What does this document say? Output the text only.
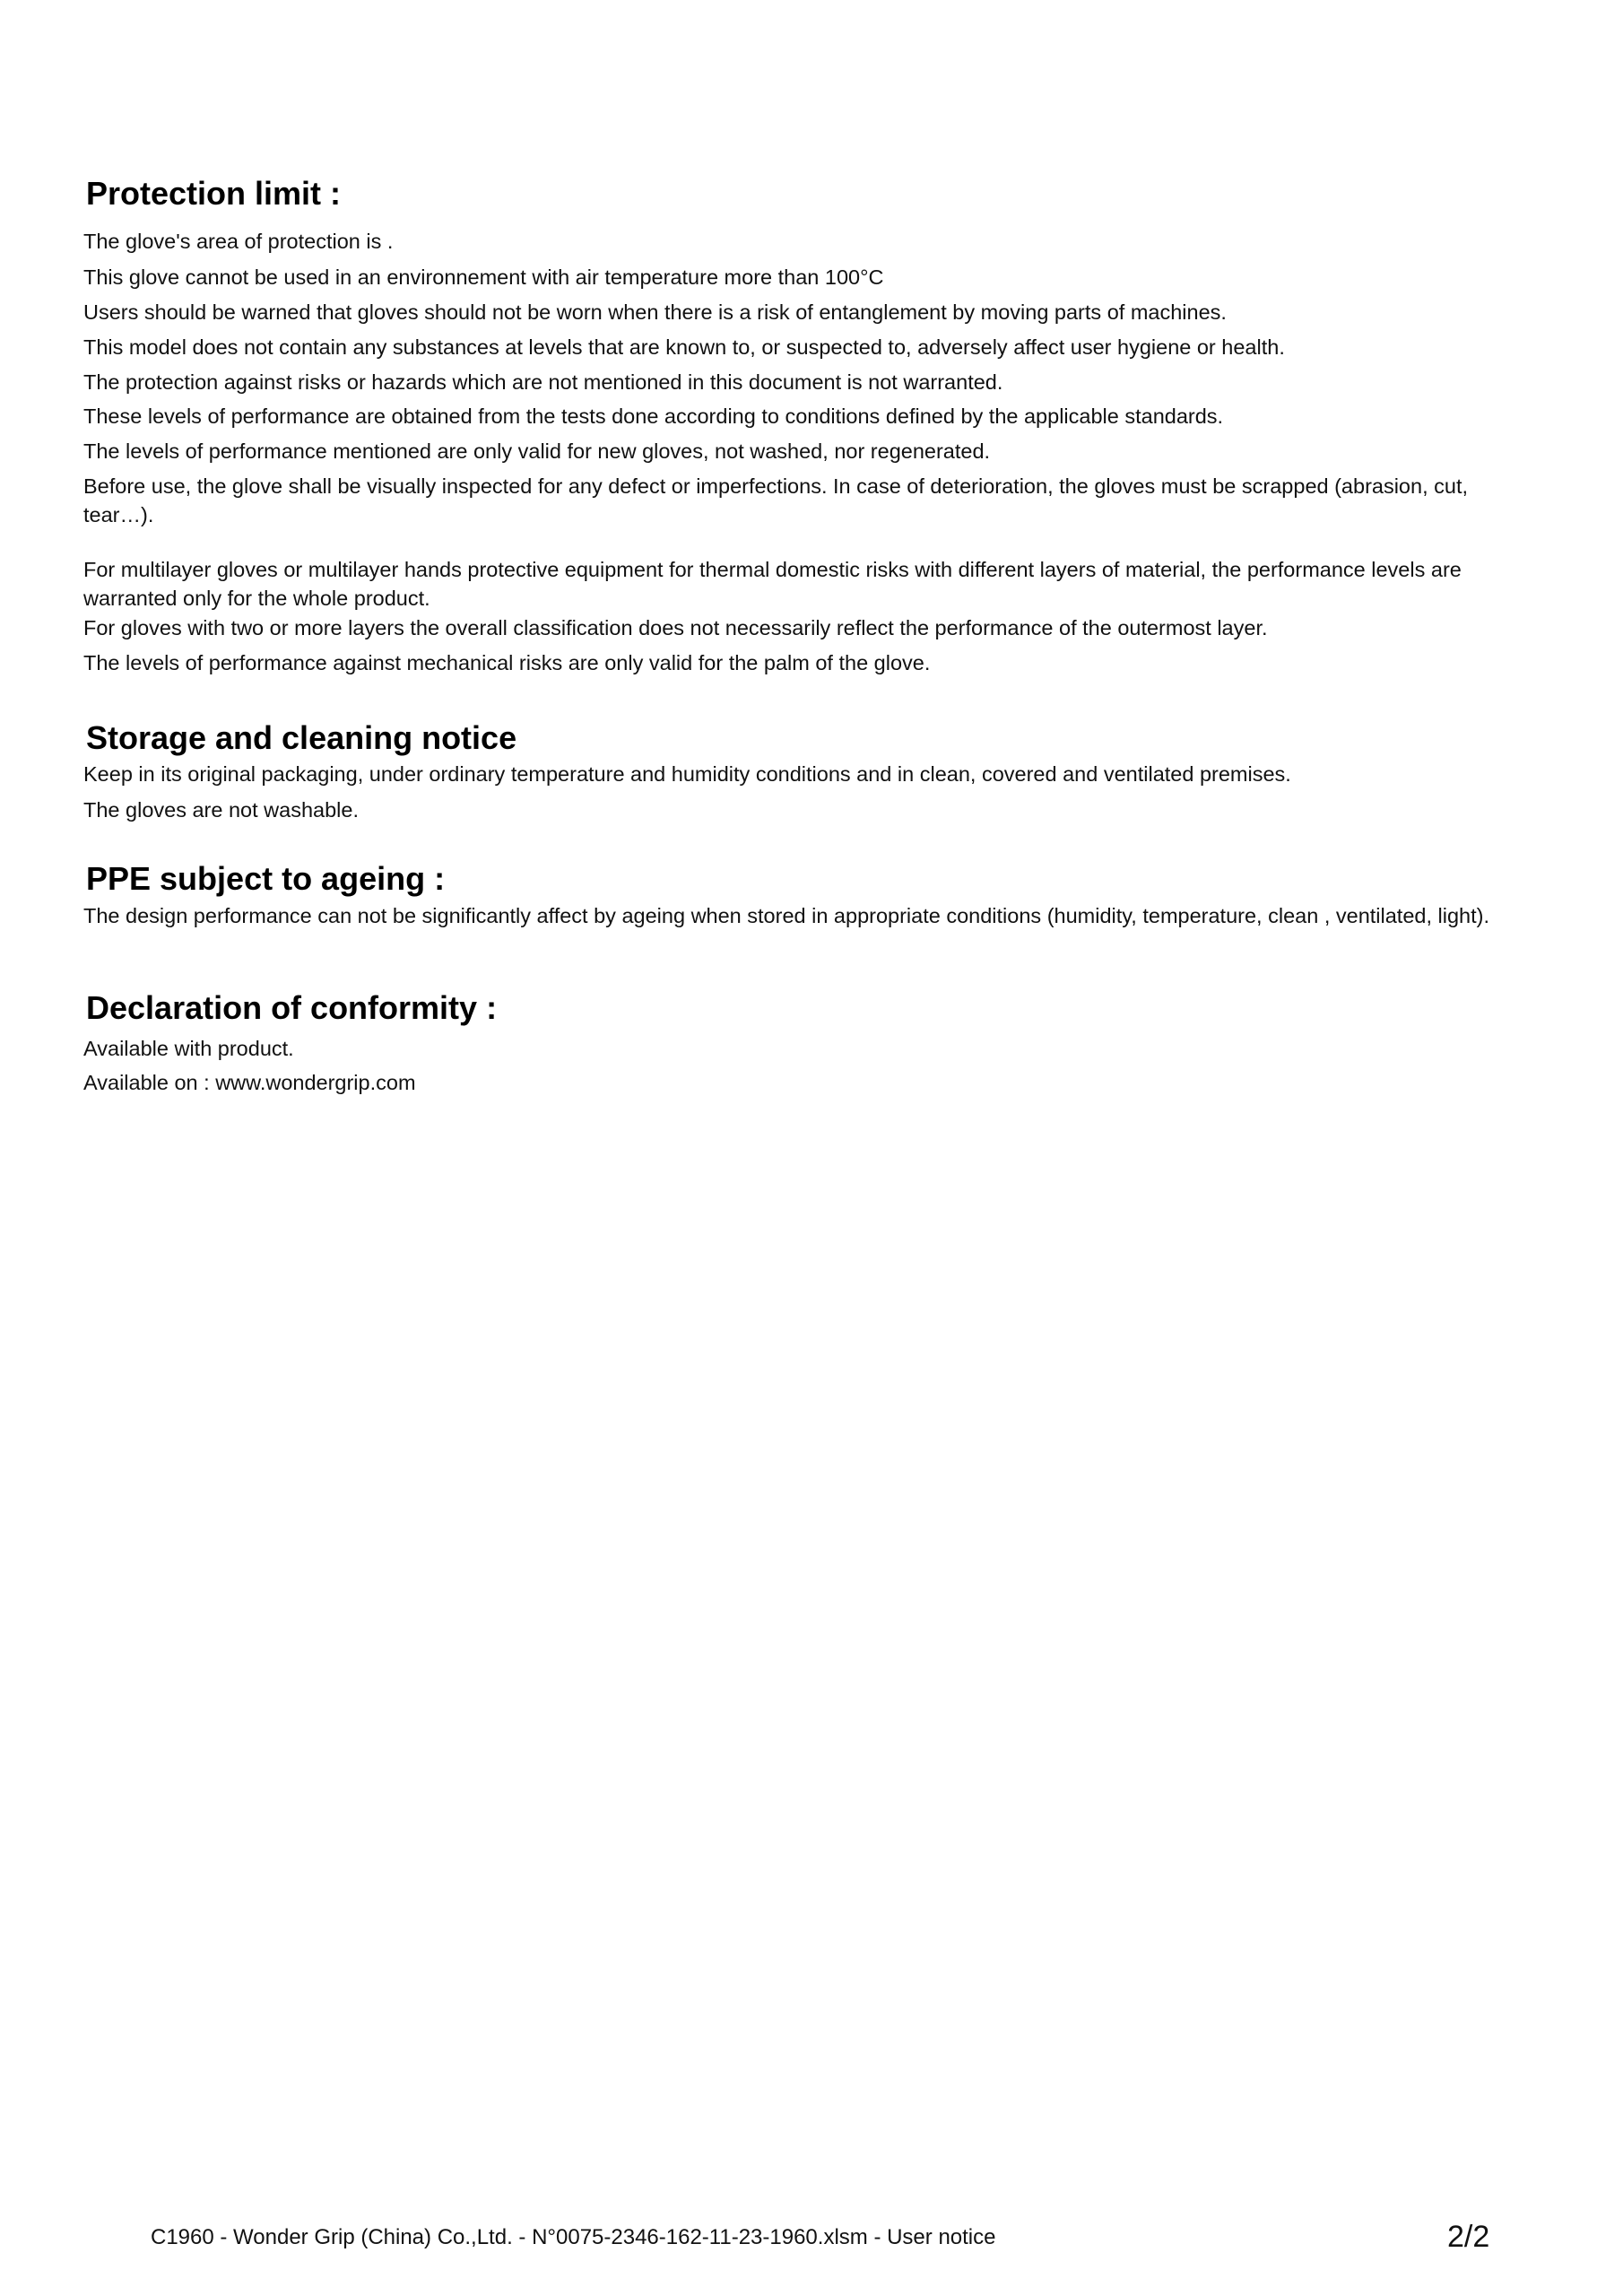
Protection limit :

The glove's area of protection is .

This glove cannot be used in an environnement with air temperature more than 100°C

Users should be warned that gloves should not be worn when there is a risk of entanglement by moving parts of machines.

This model does not contain any substances at levels that are known to, or suspected to, adversely affect user hygiene or health.

The protection against risks or hazards which are not mentioned in this document is not warranted.

These levels of performance are obtained from the tests done according to conditions defined by the applicable standards.

The levels of performance mentioned are only valid for new gloves, not washed, nor regenerated.

Before use, the glove shall be visually inspected for any defect or imperfections. In case of deterioration, the gloves must be scrapped (abrasion, cut,

tear…).

For multilayer gloves or multilayer hands protective equipment for thermal domestic risks with different layers of material, the performance levels are

warranted only for the whole product.

For gloves with two or more layers the overall classification does not necessarily reflect the performance of the outermost layer.

The levels of performance against mechanical risks are only valid for the palm of the glove.

Storage and cleaning notice

Keep in its original packaging, under ordinary temperature and humidity conditions and in clean, covered and ventilated premises.

The gloves are not washable.

PPE subject to ageing :

The design performance can not be significantly affect by ageing when stored in appropriate conditions (humidity, temperature, clean , ventilated, light).

Declaration of conformity :

Available with product.

Available on : www.wondergrip.com

C1960 - Wonder Grip (China) Co.,Ltd. - N°0075-2346-162-11-23-1960.xlsm - User notice	2/2
